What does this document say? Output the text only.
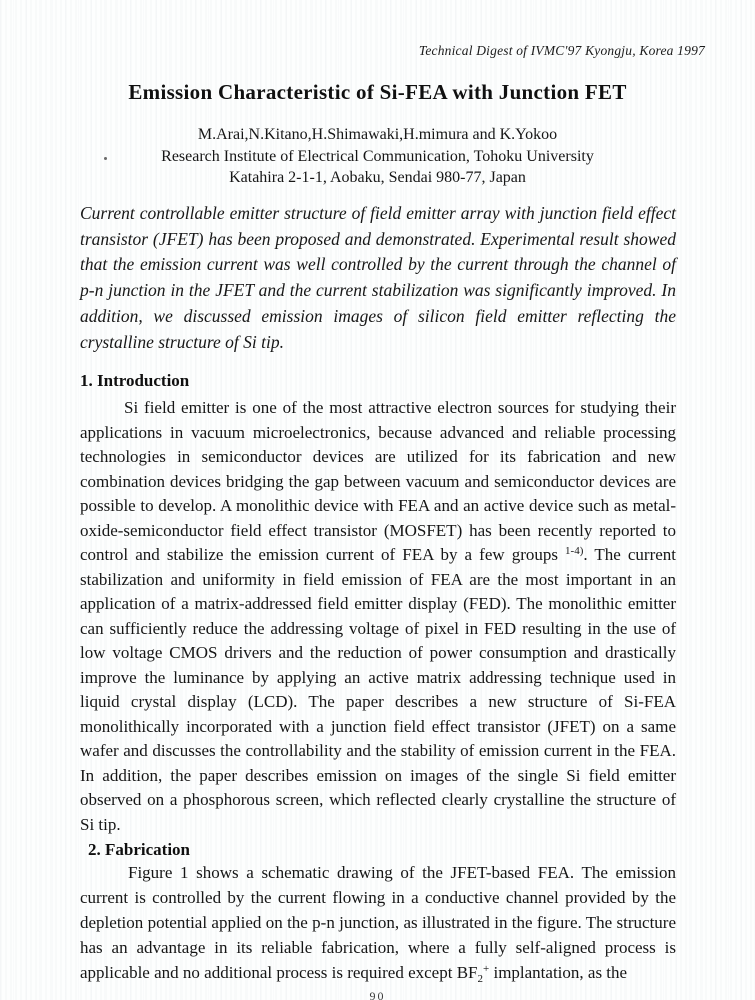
Technical Digest of IVMC'97 Kyongju, Korea 1997
Emission Characteristic of Si-FEA with Junction FET
M.Arai,N.Kitano,H.Shimawaki,H.mimura and K.Yokoo
Research Institute of Electrical Communication, Tohoku University
Katahira 2-1-1, Aobaku, Sendai 980-77, Japan

Current controllable emitter structure of field emitter array with junction field effect transistor (JFET) has been proposed and demonstrated. Experimental result showed that the emission current was well controlled by the current through the channel of p-n junction in the JFET and the current stabilization was significantly improved. In addition, we discussed emission images of silicon field emitter reflecting the crystalline structure of Si tip.

1. Introduction

Si field emitter is one of the most attractive electron sources for studying their applications in vacuum microelectronics, because advanced and reliable processing technologies in semiconductor devices are utilized for its fabrication and new combination devices bridging the gap between vacuum and semiconductor devices are possible to develop. A monolithic device with FEA and an active device such as metal-oxide-semiconductor field effect transistor (MOSFET) has been recently reported to control and stabilize the emission current of FEA by a few groups $^{1-4)}$. The current stabilization and uniformity in field emission of FEA are the most important in an application of a matrix-addressed field emitter display (FED). The monolithic emitter can sufficiently reduce the addressing voltage of pixel in FED resulting in the use of low voltage CMOS drivers and the reduction of power consumption and drastically improve the luminance by applying an active matrix addressing technique used in liquid crystal display (LCD). The paper describes a new structure of Si-FEA monolithically incorporated with a junction field effect transistor (JFET) on a same wafer and discusses the controllability and the stability of emission current in the FEA. In addition, the paper describes emission on images of the single Si field emitter observed on a phosphorous screen, which reflected clearly crystalline the structure of Si tip.

2. Fabrication

Figure 1 shows a schematic drawing of the JFET-based FEA. The emission current is controlled by the current flowing in a conductive channel provided by the depletion potential applied on the p-n junction, as illustrated in the figure. The structure has an advantage in its reliable fabrication, where a fully self-aligned process is applicable and no additional process is required except $BF_2^+$ implantation, as the

90
